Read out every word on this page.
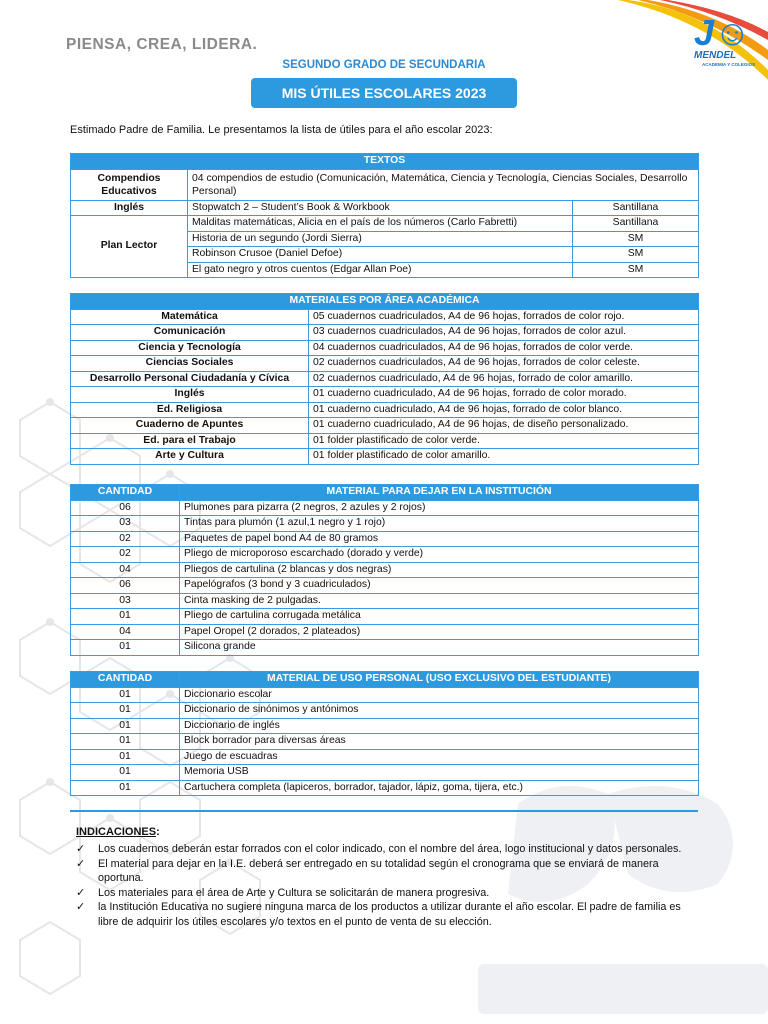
PIENSA, CREA, LIDERA.	J☺
MENDEL
ACADEMIA Y COLEGIOS
SEGUNDO GRADO DE SECUNDARIA
MIS ÚTILES ESCOLARES 2023
Estimado Padre de Familia. Le presentamos la lista de útiles para el año escolar 2023:
TEXTOS		
Compendios Educativos	04 compendios de estudio (Comunicación, Matemática, Ciencia y Tecnología, Ciencias Sociales, Desarrollo Personal)	
Inglés	Stopwatch 2 – Student’s Book & Workbook	Santillana
Plan Lector	Malditas matemáticas, Alicia en el país de los números (Carlo Fabretti)	Santillana
	Historia de un segundo (Jordi Sierra)	SM
	Robinson Crusoe (Daniel Defoe)	SM
	El gato negro y otros cuentos (Edgar Allan Poe)	SM
MATERIALES POR ÁREA ACADÉMICA	
Matemática	05 cuadernos cuadriculados, A4 de 96 hojas, forrados de color rojo.
Comunicación	03 cuadernos cuadriculados, A4 de 96 hojas, forrados de color azul.
Ciencia y Tecnología	04 cuadernos cuadriculados, A4 de 96 hojas, forrados de color verde.
Ciencias Sociales	02 cuadernos cuadriculados, A4 de 96 hojas, forrados de color celeste.
Desarrollo Personal Ciudadanía y Cívica	02 cuadernos cuadriculado, A4 de 96 hojas, forrado de color amarillo.
Inglés	01 cuaderno cuadriculado, A4 de 96 hojas, forrado de color morado.
Ed. Religiosa	01 cuaderno cuadriculado, A4 de 96 hojas, forrado de color blanco.
Cuaderno de Apuntes	01 cuaderno cuadriculado, A4 de 96 hojas, de diseño personalizado.
Ed. para el Trabajo	01 folder plastificado de color verde.
Arte y Cultura	01 folder plastificado de color amarillo.
CANTIDAD	MATERIAL PARA DEJAR EN LA INSTITUCIÓN
06	Plumones para pizarra (2 negros, 2 azules y 2 rojos)
03	Tintas para plumón (1 azul,1 negro y 1 rojo)
02	Paquetes de papel bond A4 de 80 gramos
02	Pliego de microporoso escarchado (dorado y verde)
04	Pliegos de cartulina (2 blancas y dos negras)
06	Papelógrafos (3 bond y 3 cuadriculados)
03	Cinta masking de 2 pulgadas.
01	Pliego de cartulina corrugada metálica
04	Papel Oropel (2 dorados, 2 plateados)
01	Silicona grande
CANTIDAD	MATERIAL DE USO PERSONAL (USO EXCLUSIVO DEL ESTUDIANTE)
01	Diccionario escolar
01	Diccionario de sinónimos y antónimos
01	Diccionario de inglés
01	Block borrador para diversas áreas
01	Juego de escuadras
01	Memoria USB
01	Cartuchera completa (lapiceros, borrador, tajador, lápiz, goma, tijera, etc.)
INDICACIONES:
✓	Los cuadernos deberán estar forrados con el color indicado, con el nombre del área, logo institucional y datos personales.
✓	El material para dejar en la I.E. deberá ser entregado en su totalidad según el cronograma que se enviará de manera oportuna.
✓	Los materiales para el área de Arte y Cultura se solicitarán de manera progresiva.
✓	la Institución Educativa no sugiere ninguna marca de los productos a utilizar durante el año escolar. El padre de familia es libre de adquirir los útiles escolares y/o textos en el punto de venta de su elección.
